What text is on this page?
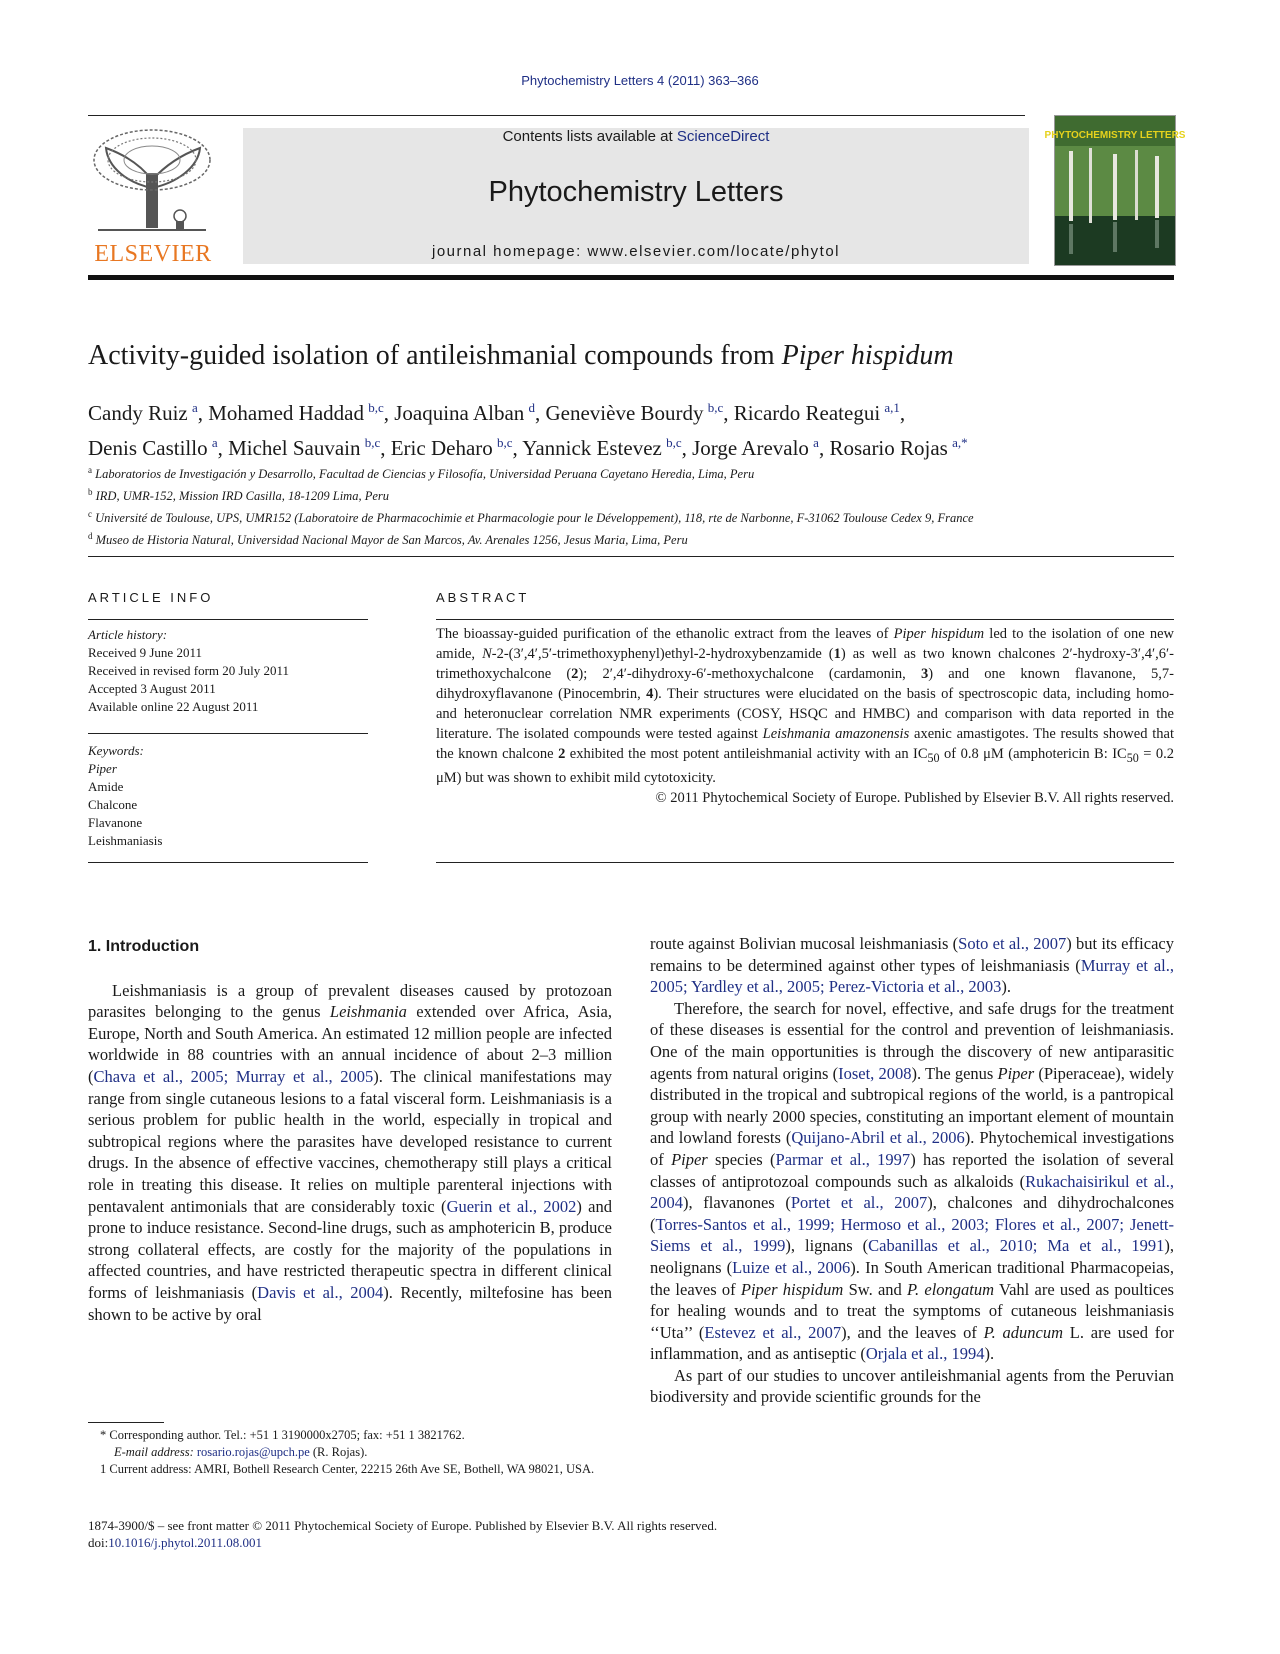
Phytochemistry Letters 4 (2011) 363–366
ELSEVIER
Contents lists available at ScienceDirect
Phytochemistry Letters
journal homepage: www.elsevier.com/locate/phytol
PHYTOCHEMISTRY LETTERS
Activity-guided isolation of antileishmanial compounds from Piper hispidum
Candy Ruiz  $^a$, Mohamed Haddad  $^{b,c}$, Joaquina Alban  $^d$, Geneviève Bourdy  $^{b,c}$, Ricardo Reategui  $^{a,1}$,
Denis Castillo  $^a$, Michel Sauvain  $^{b,c}$, Eric Deharo  $^{b,c}$, Yannick Estevez  $^{b,c}$, Jorge Arevalo  $^a$, Rosario Rojas  $^{a,*}$
$^a$ Laboratorios de Investigación y Desarrollo, Facultad de Ciencias y Filosofía, Universidad Peruana Cayetano Heredia, Lima, Peru
$^b$ IRD, UMR-152, Mission IRD Casilla, 18-1209 Lima, Peru
$^c$ Université de Toulouse, UPS, UMR152 (Laboratoire de Pharmacochimie et Pharmacologie pour le Développement), 118, rte de Narbonne, F-31062 Toulouse Cedex 9, France
$^d$ Museo de Historia Natural, Universidad Nacional Mayor de San Marcos, Av. Arenales 1256, Jesus Maria, Lima, Peru
ARTICLE INFO
Article history:
Received 9 June 2011
Received in revised form 20 July 2011
Accepted 3 August 2011
Available online 22 August 2011
Keywords:
Piper
Amide
Chalcone
Flavanone
Leishmaniasis
ABSTRACT
The bioassay-guided purification of the ethanolic extract from the leaves of Piper hispidum led to the isolation of one new amide, N-2-(3′,4′,5′-trimethoxyphenyl)ethyl-2-hydroxybenzamide (1) as well as two known chalcones 2′-hydroxy-3′,4′,6′-trimethoxychalcone (2); 2′,4′-dihydroxy-6′-methoxychalcone (cardamonin, 3) and one known flavanone, 5,7-dihydroxyflavanone (Pinocembrin, 4). Their structures were elucidated on the basis of spectroscopic data, including homo- and heteronuclear correlation NMR experiments (COSY, HSQC and HMBC) and comparison with data reported in the literature. The isolated compounds were tested against Leishmania amazonensis axenic amastigotes. The results showed that the known chalcone 2 exhibited the most potent antileishmanial activity with an $IC_{50}$ of 0.8 μM (amphotericin B: $IC_{50} = 0.2$ μM) but was shown to exhibit mild cytotoxicity.
© 2011 Phytochemical Society of Europe. Published by Elsevier B.V. All rights reserved.
1. Introduction

Leishmaniasis is a group of prevalent diseases caused by protozoan parasites belonging to the genus Leishmania extended over Africa, Asia, Europe, North and South America. An estimated 12 million people are infected worldwide in 88 countries with an annual incidence of about 2–3 million (Chava et al., 2005; Murray et al., 2005). The clinical manifestations may range from single cutaneous lesions to a fatal visceral form. Leishmaniasis is a serious problem for public health in the world, especially in tropical and subtropical regions where the parasites have developed resistance to current drugs. In the absence of effective vaccines, chemotherapy still plays a critical role in treating this disease. It relies on multiple parenteral injections with pentavalent antimonials that are considerably toxic (Guerin et al., 2002) and prone to induce resistance. Second-line drugs, such as amphotericin B, produce strong collateral effects, are costly for the majority of the populations in affected countries, and have restricted therapeutic spectra in different clinical forms of leishmaniasis (Davis et al., 2004). Recently, miltefosine has been shown to be active by oral

route against Bolivian mucosal leishmaniasis (Soto et al., 2007) but its efficacy remains to be determined against other types of leishmaniasis (Murray et al., 2005; Yardley et al., 2005; Perez-Victoria et al., 2003).

Therefore, the search for novel, effective, and safe drugs for the treatment of these diseases is essential for the control and prevention of leishmaniasis. One of the main opportunities is through the discovery of new antiparasitic agents from natural origins (Ioset, 2008). The genus Piper (Piperaceae), widely distributed in the tropical and subtropical regions of the world, is a pantropical group with nearly 2000 species, constituting an important element of mountain and lowland forests (Quijano-Abril et al., 2006). Phytochemical investigations of Piper species (Parmar et al., 1997) has reported the isolation of several classes of antiprotozoal compounds such as alkaloids (Rukachaisirikul et al., 2004), flavanones (Portet et al., 2007), chalcones and dihydrochalcones (Torres-Santos et al., 1999; Hermoso et al., 2003; Flores et al., 2007; Jenett-Siems et al., 1999), lignans (Cabanillas et al., 2010; Ma et al., 1991), neolignans (Luize et al., 2006). In South American traditional Pharmacopeias, the leaves of Piper hispidum Sw. and P. elongatum Vahl are used as poultices for healing wounds and to treat the symptoms of cutaneous leishmaniasis ‘‘Uta’’ (Estevez et al., 2007), and the leaves of P. aduncum L. are used for inflammation, and as antiseptic (Orjala et al., 1994).

As part of our studies to uncover antileishmanial agents from the Peruvian biodiversity and provide scientific grounds for the

* Corresponding author. Tel.: +51 1 3190000x2705; fax: +51 1 3821762.
E-mail address: rosario.rojas@upch.pe (R. Rojas).
1 Current address: AMRI, Bothell Research Center, 22215 26th Ave SE, Bothell, WA 98021, USA.
1874-3900/$ – see front matter © 2011 Phytochemical Society of Europe. Published by Elsevier B.V. All rights reserved.
doi:10.1016/j.phytol.2011.08.001
